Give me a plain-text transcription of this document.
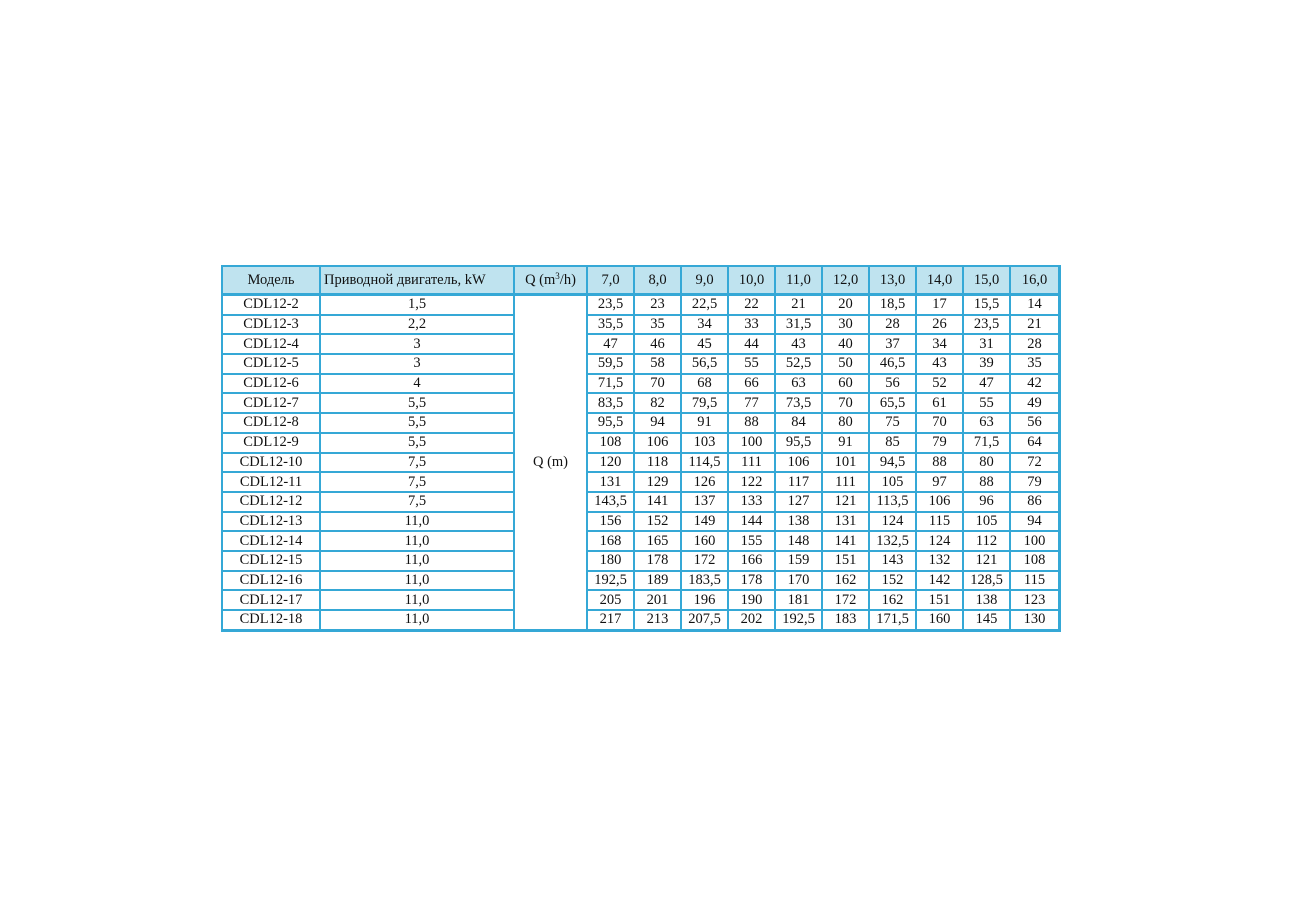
Модель	Приводной двигатель, kW	Q $(m^3/h)$	7,0	8,0	9,0	10,0	11,0	12,0	13,0	14,0	15,0	16,0
CDL12-2	1,5	Q (m)	23,5	23	22,5	22	21	20	18,5	17	15,5	14
CDL12-3	2,2		35,5	35	34	33	31,5	30	28	26	23,5	21
CDL12-4	3		47	46	45	44	43	40	37	34	31	28
CDL12-5	3		59,5	58	56,5	55	52,5	50	46,5	43	39	35
CDL12-6	4		71,5	70	68	66	63	60	56	52	47	42
CDL12-7	5,5		83,5	82	79,5	77	73,5	70	65,5	61	55	49
CDL12-8	5,5		95,5	94	91	88	84	80	75	70	63	56
CDL12-9	5,5		108	106	103	100	95,5	91	85	79	71,5	64
CDL12-10	7,5		120	118	114,5	111	106	101	94,5	88	80	72
CDL12-11	7,5		131	129	126	122	117	111	105	97	88	79
CDL12-12	7,5		143,5	141	137	133	127	121	113,5	106	96	86
CDL12-13	11,0		156	152	149	144	138	131	124	115	105	94
CDL12-14	11,0		168	165	160	155	148	141	132,5	124	112	100
CDL12-15	11,0		180	178	172	166	159	151	143	132	121	108
CDL12-16	11,0		192,5	189	183,5	178	170	162	152	142	128,5	115
CDL12-17	11,0		205	201	196	190	181	172	162	151	138	123
CDL12-18	11,0		217	213	207,5	202	192,5	183	171,5	160	145	130
